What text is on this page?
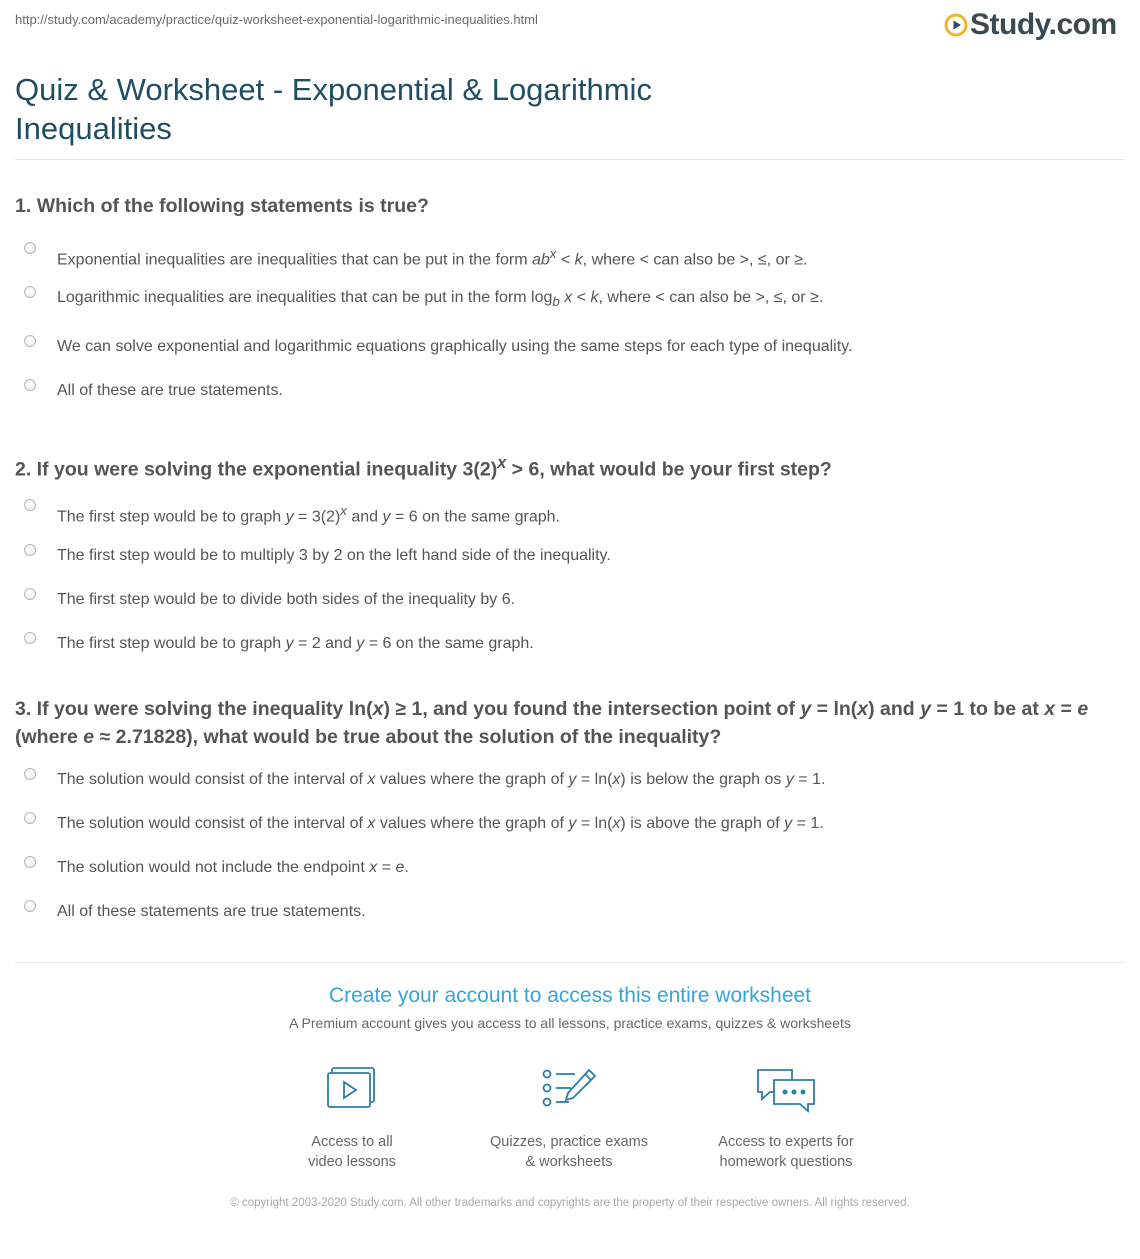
http://study.com/academy/practice/quiz-worksheet-exponential-logarithmic-inequalities.html	Study.com
Quiz & Worksheet - Exponential & Logarithmic Inequalities
1. Which of the following statements is true?
Exponential inequalities are inequalities that can be put in the form $ab^x < k$, where < can also be >, ≤, or ≥.
Logarithmic inequalities are inequalities that can be put in the form $\log_b x < k$, where < can also be >, ≤, or ≥.
We can solve exponential and logarithmic equations graphically using the same steps for each type of inequality.
All of these are true statements.
2. If you were solving the exponential inequality $3(2)^x > 6$, what would be your first step?
The first step would be to graph $y = 3(2)^x$ and y = 6 on the same graph.
The first step would be to multiply 3 by 2 on the left hand side of the inequality.
The first step would be to divide both sides of the inequality by 6.
The first step would be to graph y = 2 and y = 6 on the same graph.
3. If you were solving the inequality ln(x) ≥ 1, and you found the intersection point of y = ln(x) and y = 1 to be at x = e (where e ≈ 2.71828), what would be true about the solution of the inequality?
The solution would consist of the interval of x values where the graph of y = ln(x) is below the graph os y = 1.
The solution would consist of the interval of x values where the graph of y = ln(x) is above the graph of y = 1.
The solution would not include the endpoint x = e.
All of these statements are true statements.
Create your account to access this entire worksheet
A Premium account gives you access to all lessons, practice exams, quizzes & worksheets
Access to all
video lessons
Quizzes, practice exams
& worksheets
Access to experts for
homework questions
© copyright 2003-2020 Study.com. All other trademarks and copyrights are the property of their respective owners. All rights reserved.
